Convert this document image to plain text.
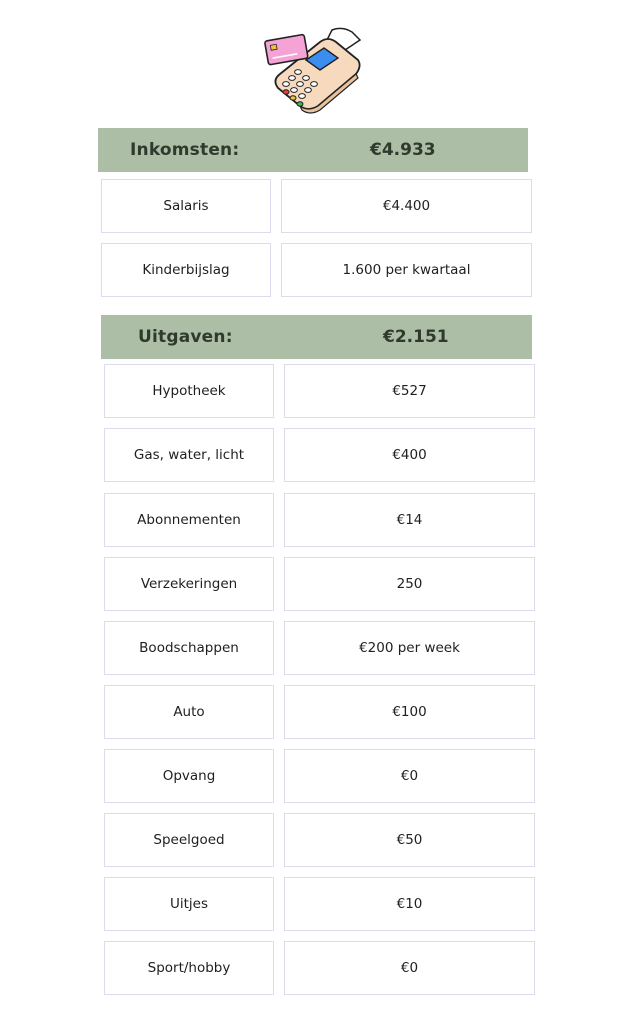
Inkomsten:	€4.933
Salaris	€4.400
Kinderbijslag	1.600 per kwartaal
Uitgaven:	€2.151
Hypotheek	€527
Gas, water, licht	€400
Abonnementen	€14
Verzekeringen	250
Boodschappen	€200 per week
Auto	€100
Opvang	€0
Speelgoed	€50
Uitjes	€10
Sport/hobby	€0
